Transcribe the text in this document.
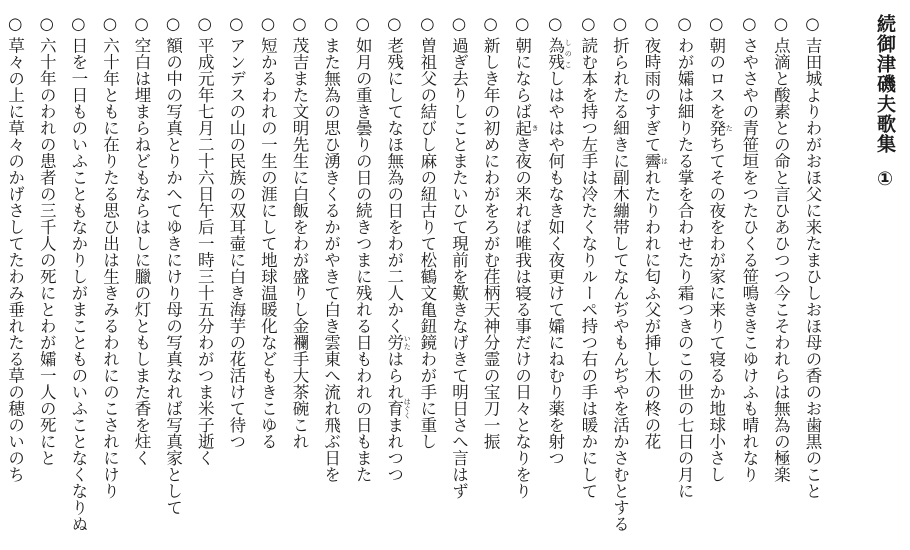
続御津磯夫歌集①
○吉田城よりわがおほ父に来たまひしおほ母の香のお歯黒のこと
○点滴と酸素との命と言ひあひつつ今こそわれらは無為の極楽
○さやさやの青笹垣をつたひくる笹鳴ききこゆけふも晴れなり
○朝のロスを発 たちてその夜をわが家に来りて寝るか地球小さし
○わが孀は細りたる掌を合わせたり霜つきのこの世の七日の月に
○夜時雨のすぎて霽 はれたりわれに匂ふ父が挿し木の柊の花
○折られたる細きに副木繃帯してなんぢやもんぢやを活かさむとする
○読む本を持つ左手は冷たくなりルーペ持つ右の手は暖かにして
○為残 しのこしはやはや何もなき如く夜更けて孀にねむり薬を射つ
○朝にならば起 きき夜の来れば唯我は寝る事だけの日々となりをり
○新しき年の初めにわがをろがむ荏柄天神分霊の宝刀一振
○過ぎ去りしことまたいひて現前を歎きなげきて明日さへ言はず
○曽祖父の結びし麻の紐古りて松鶴文亀鈕鏡わが手に重し
○老残にしてなほ無為の日をわが二人かく労 いたはられ育 はぐくまれつつ
○如月の重き曇りの日の続きつまに残れる日もわれの日もまた
○また無為の思ひ湧きくるかがやきて白き雲東へ流れ飛ぶ日を
○茂吉また文明先生に白飯をわが盛りし金襴手大茶碗これ
○短かるわれの一生の涯にして地球温暖化などもきこゆる
○アンデスの山の民族の双耳壷に白き海芋の花活けて待つ
○平成元年七月二十六日午后一時三十五分わがつま米子逝く
○額の中の写真とりかへてゆきにけり母の写真なれば写真家として
○空白は埋まらねどもならはしに臘の灯ともしまた香を炷く
○六十年ともに在りたる思ひ出は生きみるわれにのこされにけり
○日を一日ものいふこともなかりしがまことものいふことなくなりぬ
○六十年のわれの患者の三千人の死にとわが孀一人の死にと
○草々の上に草々のかげさしてたわみ垂れたる草の穂のいのち
